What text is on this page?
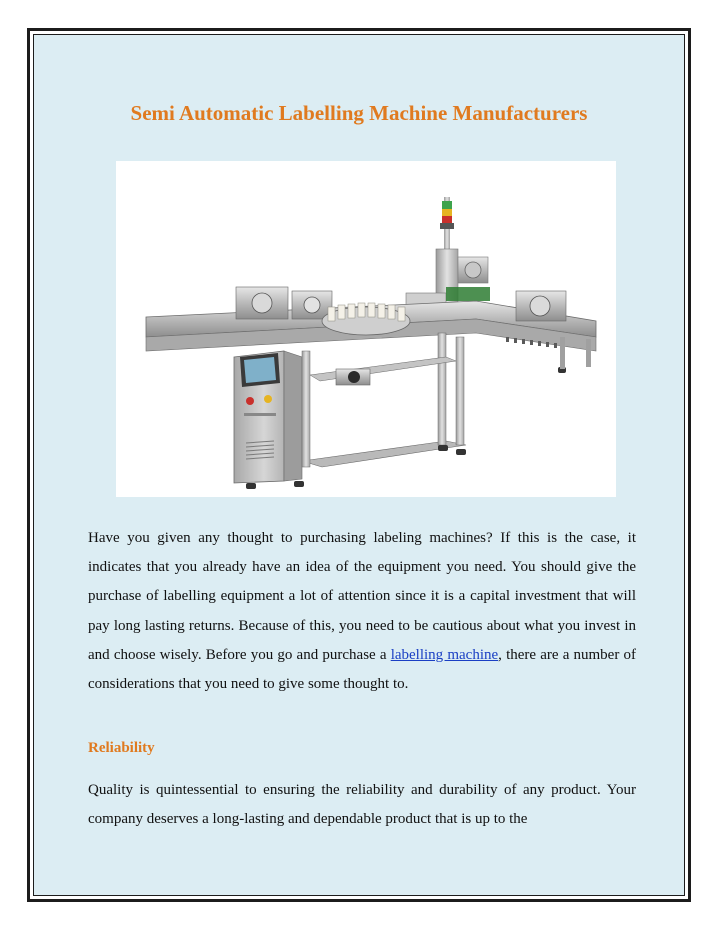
Semi Automatic Labelling Machine Manufacturers

Have you given any thought to purchasing labeling machines? If this is the case, it indicates that you already have an idea of the equipment you need. You should give the purchase of labelling equipment a lot of attention since it is a capital investment that will pay long lasting returns. Because of this, you need to be cautious about what you invest in and choose wisely. Before you go and purchase a labelling machine, there are a number of considerations that you need to give some thought to.

Reliability

Quality is quintessential to ensuring the reliability and durability of any product. Your company deserves a long-lasting and dependable product that is up to the
